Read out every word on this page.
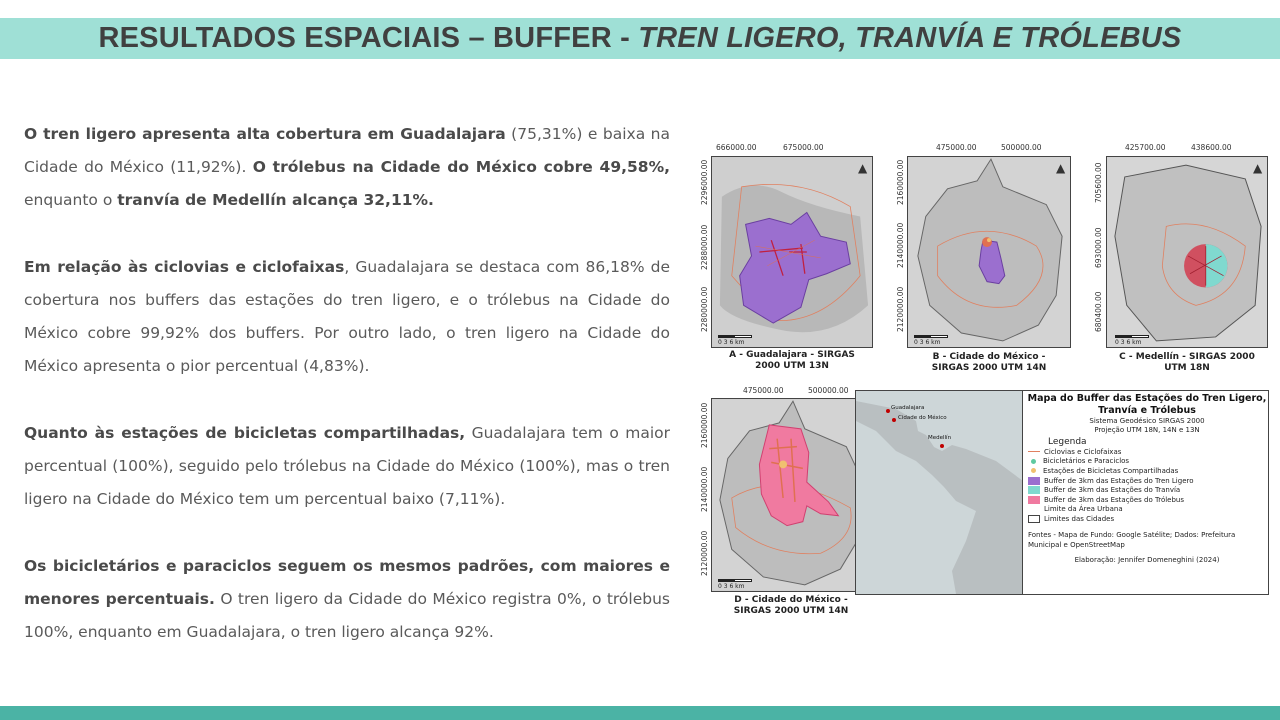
RESULTADOS ESPACIAIS – BUFFER - TREN LIGERO, TRANVÍA E TRÓLEBUS

O tren ligero apresenta alta cobertura em Guadalajara (75,31%) e baixa na Cidade do México (11,92%). O trólebus na Cidade do México cobre 49,58%, enquanto o tranvía de Medellín alcança 32,11%.

Em relação às ciclovias e ciclofaixas, Guadalajara se destaca com 86,18% de cobertura nos buffers das estações do tren ligero, e o trólebus na Cidade do México cobre 99,92% dos buffers. Por outro lado, o tren ligero na Cidade do México apresenta o pior percentual (4,83%).

Quanto às estações de bicicletas compartilhadas, Guadalajara tem o maior percentual (100%), seguido pelo trólebus na Cidade do México (100%), mas o tren ligero na Cidade do México tem um percentual baixo (7,11%).

Os bicicletários e paraciclos seguem os mesmos padrões, com maiores e menores percentuais. O tren ligero da Cidade do México registra 0%, o trólebus 100%, enquanto em Guadalajara, o tren ligero alcança 92%.

666000.00	675000.00
2296000.00
2288000.00
2280000.00
▲
0 3 6 km
A - Guadalajara - SIRGAS
2000 UTM 13N
475000.00	500000.00
2160000.00
2140000.00
2120000.00
▲
0 3 6 km
B - Cidade do México -
SIRGAS 2000 UTM 14N
425700.00	438600.00
705600.00
693000.00
680400.00
▲
0 3 6 km
C - Medellín - SIRGAS 2000
UTM 18N
475000.00	500000.00
2160000.00
2140000.00
2120000.00
0 3 6 km
D - Cidade do México -
SIRGAS 2000 UTM 14N
Guadalajara
Cidade do México
Medellín
Mapa do Buffer das Estações do Tren Ligero,
Tranvía e Trólebus
Sistema Geodésico SIRGAS 2000
Projeção UTM 18N, 14N e 13N
Legenda
Ciclovias e Ciclofaixas
Bicicletários e Paraciclos
Estações de Bicicletas Compartilhadas
Buffer de 3km das Estações do Tren Ligero
Buffer de 3km das Estações do Tranvía
Buffer de 3km das Estações do Trólebus
Limite da Área Urbana
Limites das Cidades
Fontes - Mapa de Fundo: Google Satélite; Dados: Prefeitura
Municipal e OpenStreetMap
Elaboração: Jennifer Domeneghini (2024)
